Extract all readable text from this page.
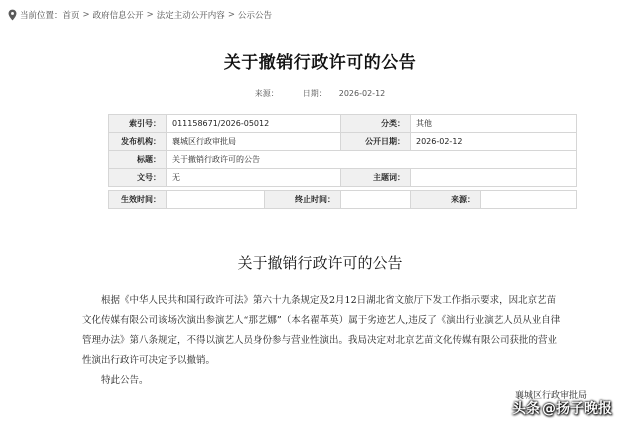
当前位置： 首页 > 政府信息公开 > 法定主动公开内容 > 公示公告
关于撤销行政许可的公告
来源：	日期： 2026-02-12
索引号：	011158671/2026-05012	分类：	其他
发布机构：	襄城区行政审批局	公开日期：	2026-02-12
标题：	关于撤销行政许可的公告		
文号：	无	主题词：	
生效时间：		终止时间：		来源：	
关于撤销行政许可的公告

根据《中华人民共和国行政许可法》第六十九条规定及2月12日湖北省文旅厅下发工作指示要求，因北京艺苗文化传媒有限公司该场次演出参演艺人“那艺娜”（本名翟革英）属于劣迹艺人,违反了《演出行业演艺人员从业自律管理办法》第八条规定，不得以演艺人员身份参与营业性演出。我局决定对北京艺苗文化传媒有限公司获批的营业性演出行政许可决定予以撤销。

特此公告。

襄城区行政审批局
头条 @扬子晚报
